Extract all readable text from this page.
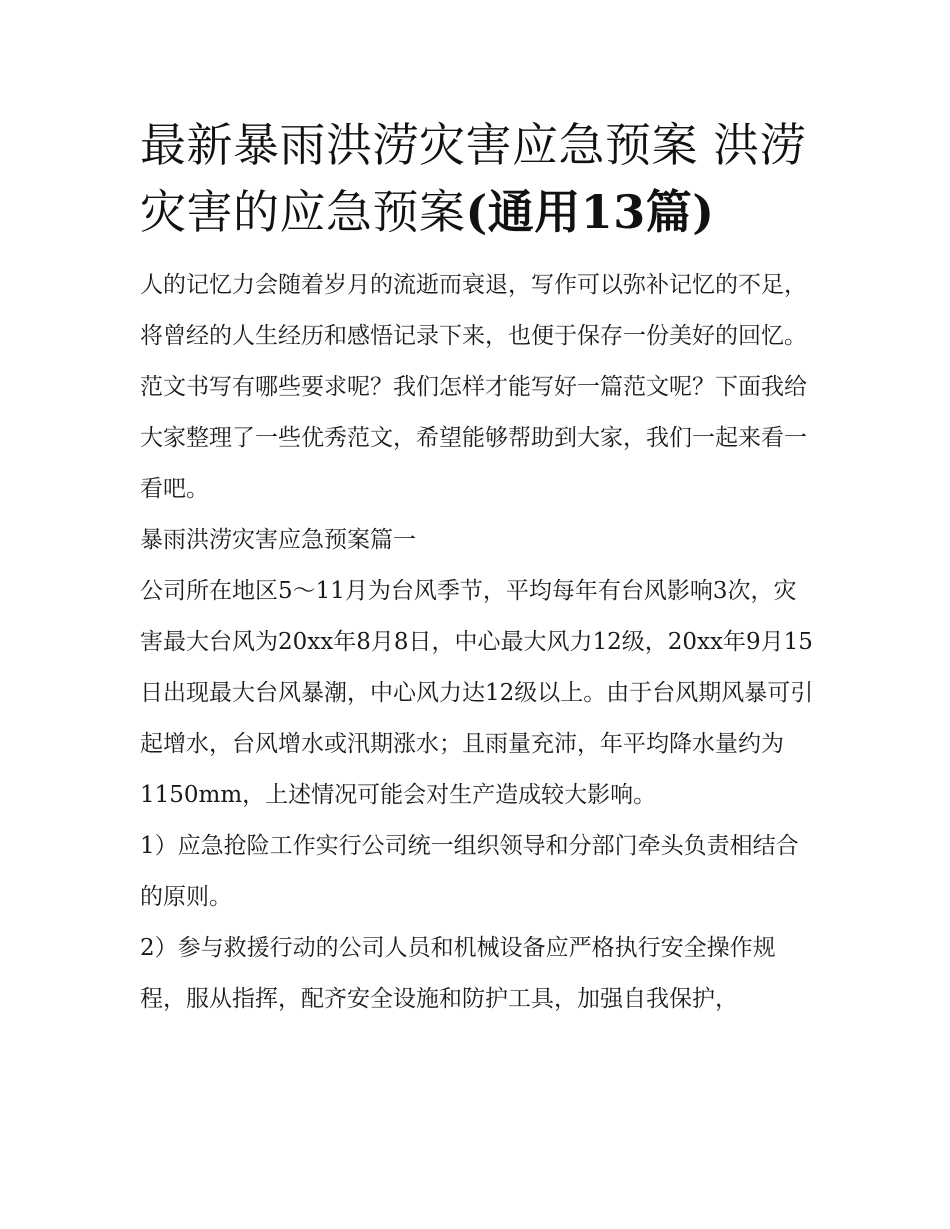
最新暴雨洪涝灾害应急预案 洪涝灾害的应急预案(通用13篇)

人的记忆力会随着岁月的流逝而衰退，写作可以弥补记忆的不足，将曾经的人生经历和感悟记录下来，也便于保存一份美好的回忆。范文书写有哪些要求呢？我们怎样才能写好一篇范文呢？下面我给大家整理了一些优秀范文，希望能够帮助到大家，我们一起来看一看吧。

暴雨洪涝灾害应急预案篇一

公司所在地区5～11月为台风季节，平均每年有台风影响3次，灾害最大台风为20xx年8月8日，中心最大风力12级，20xx年9月15日出现最大台风暴潮，中心风力达12级以上。由于台风期风暴可引起增水，台风增水或汛期涨水；且雨量充沛，年平均降水量约为1150mm，上述情况可能会对生产造成较大影响。

1）应急抢险工作实行公司统一组织领导和分部门牵头负责相结合的原则。

2）参与救援行动的公司人员和机械设备应严格执行安全操作规程，服从指挥，配齐安全设施和防护工具，加强自我保护，
